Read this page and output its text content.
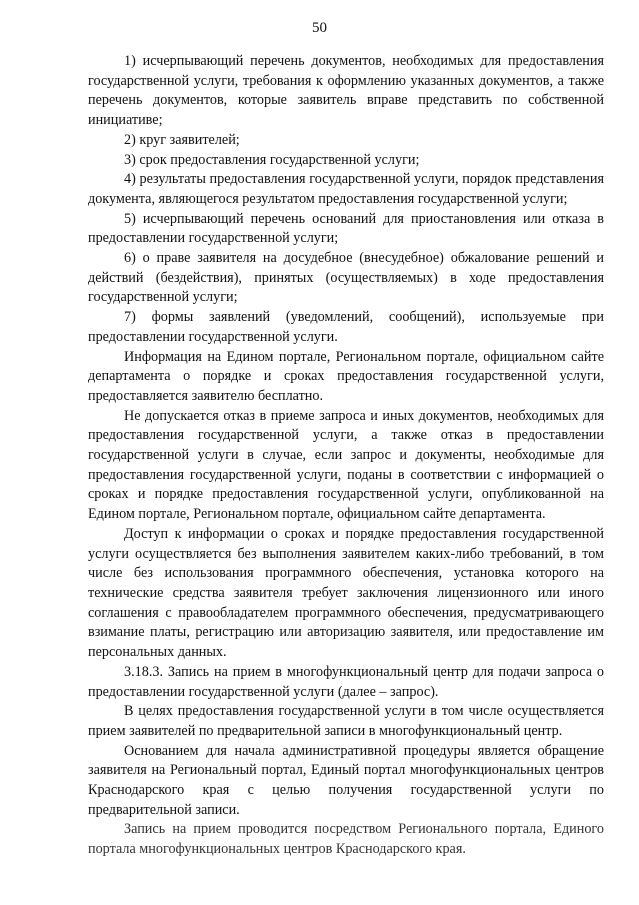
50

1) исчерпывающий перечень документов, необходимых для предоставления государственной услуги, требования к оформлению указанных документов, а также перечень документов, которые заявитель вправе представить по собственной инициативе;

2) круг заявителей;

3) срок предоставления государственной услуги;

4) результаты предоставления государственной услуги, порядок представления документа, являющегося результатом предоставления государственной услуги;

5) исчерпывающий перечень оснований для приостановления или отказа в предоставлении государственной услуги;

6) о праве заявителя на досудебное (внесудебное) обжалование решений и действий (бездействия), принятых (осуществляемых) в ходе предоставления государственной услуги;

7) формы заявлений (уведомлений, сообщений), используемые при предоставлении государственной услуги.

Информация на Едином портале, Региональном портале, официальном сайте департамента о порядке и сроках предоставления государственной услуги, предоставляется заявителю бесплатно.

Не допускается отказ в приеме запроса и иных документов, необходимых для предоставления государственной услуги, а также отказ в предоставлении государственной услуги в случае, если запрос и документы, необходимые для предоставления государственной услуги, поданы в соответствии с информацией о сроках и порядке предоставления государственной услуги, опубликованной на Едином портале, Региональном портале, официальном сайте департамента.

Доступ к информации о сроках и порядке предоставления государственной услуги осуществляется без выполнения заявителем каких-либо требований, в том числе без использования программного обеспечения, установка которого на технические средства заявителя требует заключения лицензионного или иного соглашения с правообладателем программного обеспечения, предусматривающего взимание платы, регистрацию или авторизацию заявителя, или предоставление им персональных данных.

3.18.3. Запись на прием в многофункциональный центр для подачи запроса о предоставлении государственной услуги (далее – запрос).

В целях предоставления государственной услуги в том числе осуществляется прием заявителей по предварительной записи в многофункциональный центр.

Основанием для начала административной процедуры является обращение заявителя на Региональный портал, Единый портал многофункциональных центров Краснодарского края с целью получения государственной услуги по предварительной записи.

Запись на прием проводится посредством Регионального портала, Единого портала многофункциональных центров Краснодарского края.
